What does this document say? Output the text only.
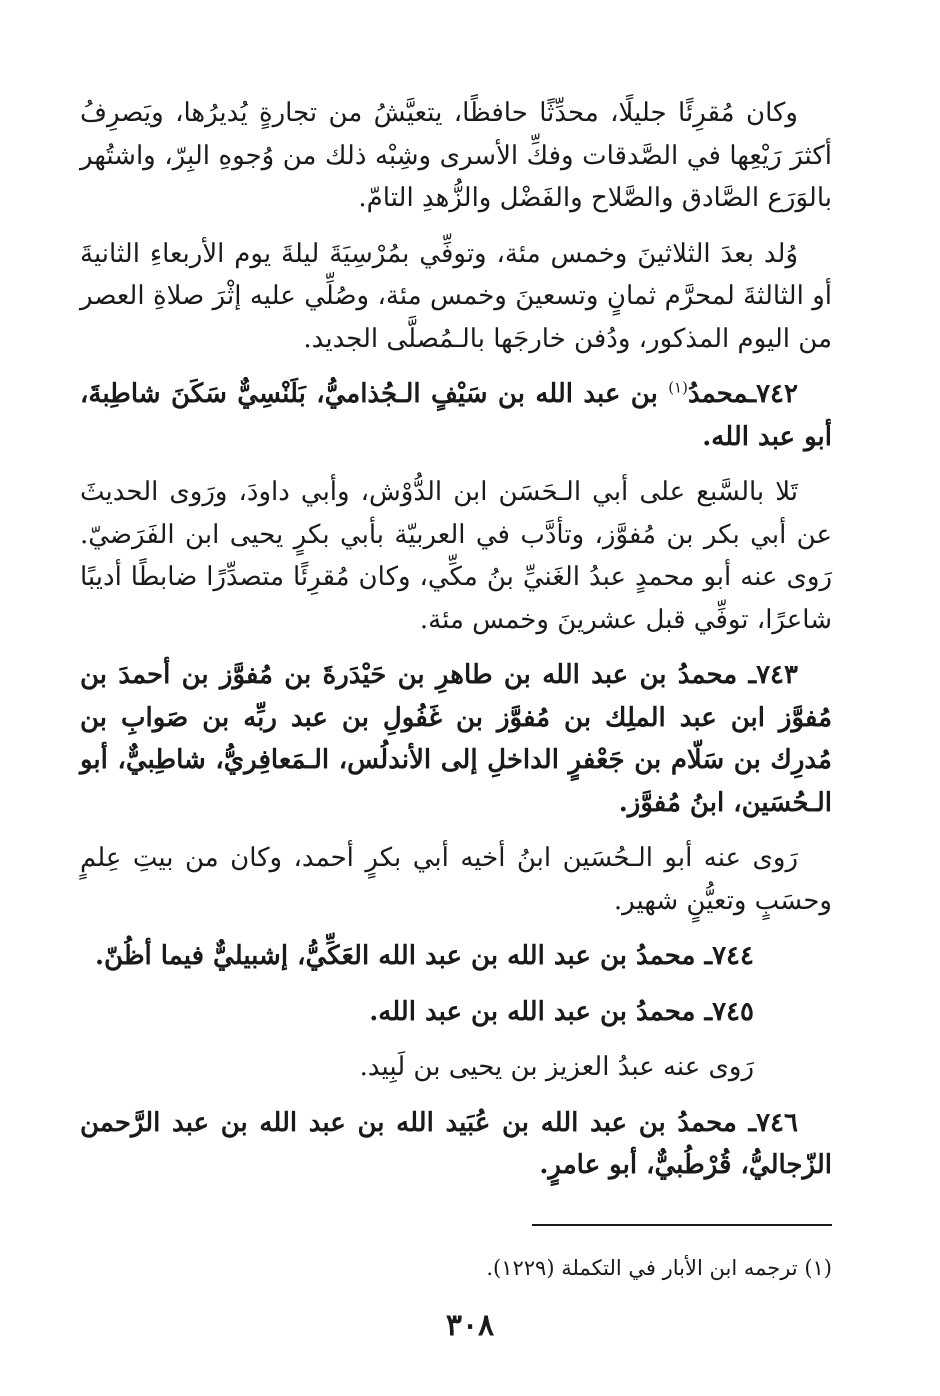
وكان مُقرِئًا جليلًا، محدِّثًا حافظًا، يتعيَّشُ من تجارةٍ يُديرُها، ويَصرِفُ أكثرَ رَيْعِها في الصَّدقات وفكِّ الأسرى وشِبْه ذلك من وُجوهِ البِرّ، واشتُهر بالوَرَع الصَّادق والصَّلاح والفَضْل والزُّهدِ التامّ.

وُلد بعدَ الثلاثينَ وخمس مئة، وتوفِّي بمُرْسِيَةَ ليلةَ يوم الأربعاءِ الثانيةَ أو الثالثةَ لمحرَّم ثمانٍ وتسعينَ وخمس مئة، وصُلِّي عليه إثْرَ صلاةِ العصر من اليوم المذكور، ودُفن خارجَها بالـمُصلَّى الجديد.

٧٤٢ـمحمدُ$^{(١)}$ بن عبد الله بن سَيْفٍ الـجُذاميُّ، بَلَنْسِيٌّ سَكَنَ شاطِبةَ، أبو عبد الله.

تَلا بالسَّبع على أبي الـحَسَن ابن الدُّوْش، وأبي داودَ، ورَوى الحديثَ عن أبي بكر بن مُفوَّز، وتأدَّب في العربيّة بأبي بكرٍ يحيى ابن الفَرَضيّ. رَوى عنه أبو محمدٍ عبدُ الغَنيِّ بنُ مكِّي، وكان مُقرِئًا متصدِّرًا ضابطًا أديبًا شاعرًا، توفِّي قبل عشرينَ وخمس مئة.

٧٤٣ـ محمدُ بن عبد الله بن طاهرِ بن حَيْدَرةَ بن مُفوَّز بن أحمدَ بن مُفوَّز ابن عبد الملِك بن مُفوَّز بن غَفُولِ بن عبد ربِّه بن صَوابِ بن مُدرِك بن سَلّام بن جَعْفرٍ الداخلِ إلى الأندلُس، الـمَعافِريُّ، شاطِبيٌّ، أبو الـحُسَين، ابنُ مُفوَّز.

رَوى عنه أبو الـحُسَين ابنُ أخيه أبي بكرٍ أحمد، وكان من بيتِ عِلمٍ وحسَبٍ وتعيُّنٍ شهير.

٧٤٤ـ محمدُ بن عبد الله بن عبد الله العَكِّيُّ، إشبيليٌّ فيما أظُنّ.

٧٤٥ـ محمدُ بن عبد الله بن عبد الله.

رَوى عنه عبدُ العزيز بن يحيى بن لَبِيد.

٧٤٦ـ محمدُ بن عبد الله بن عُبَيد الله بن عبد الله بن عبد الرَّحمن الزّجاليُّ، قُرْطُبيٌّ، أبو عامرٍ.

(١) ترجمه ابن الأبار في التكملة (١٢٢٩).
٣٠٨
